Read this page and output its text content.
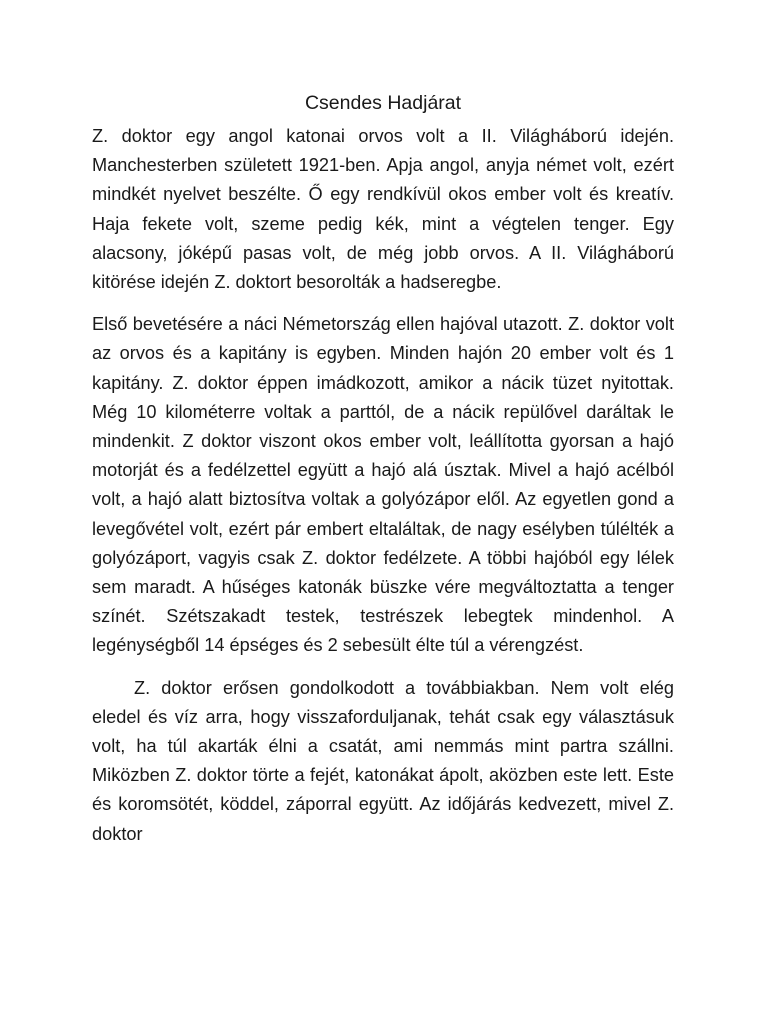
Csendes Hadjárat

Z. doktor egy angol katonai orvos volt a II. Világháború idején. Manchesterben született 1921-ben. Apja angol, anyja német volt, ezért mindkét nyelvet beszélte. Ő egy rendkívül okos ember volt és kreatív. Haja fekete volt, szeme pedig kék, mint a végtelen tenger. Egy alacsony, jóképű pasas volt, de még jobb orvos. A II. Világháború kitörése idején Z. doktort besorolták a hadseregbe.

Első bevetésére a náci Németország ellen hajóval utazott. Z. doktor volt az orvos és a kapitány is egyben. Minden hajón 20 ember volt és 1 kapitány. Z. doktor éppen imádkozott, amikor a nácik tüzet nyitottak. Még 10 kilométerre voltak a parttól, de a nácik repülővel daráltak le mindenkit. Z doktor viszont okos ember volt, leállította gyorsan a hajó motorját és a fedélzettel együtt a hajó alá úsztak. Mivel a hajó acélból volt, a hajó alatt biztosítva voltak a golyózápor elől. Az egyetlen gond a levegővétel volt, ezért pár embert eltaláltak, de nagy esélyben túlélték a golyózáport, vagyis csak Z. doktor fedélzete. A többi hajóból egy lélek sem maradt. A hűséges katonák büszke vére megváltoztatta a tenger színét. Szétszakadt testek, testrészek lebegtek mindenhol. A legénységből 14 épséges és 2 sebesült élte túl a vérengzést.

Z. doktor erősen gondolkodott a továbbiakban. Nem volt elég eledel és víz arra, hogy visszaforduljanak, tehát csak egy választásuk volt, ha túl akarták élni a csatát, ami nemmás mint partra szállni. Miközben Z. doktor törte a fejét, katonákat ápolt, aközben este lett. Este és koromsötét, köddel, záporral együtt. Az időjárás kedvezett, mivel Z. doktor
